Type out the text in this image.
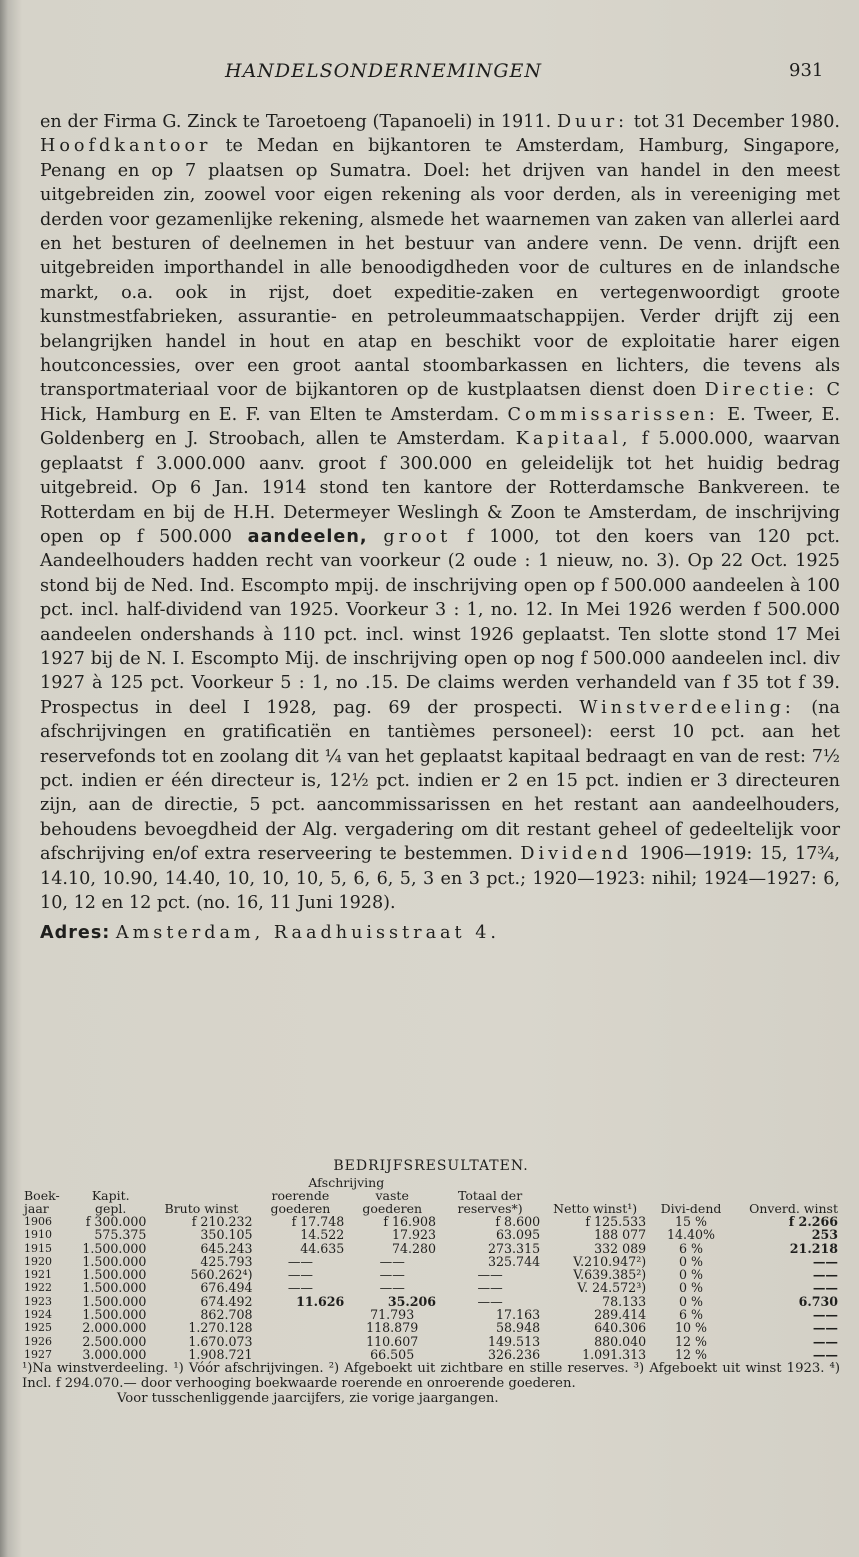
HANDELSONDERNEMINGEN	931

en der Firma G. Zinck te Taroetoeng (Tapanoeli) in 1911. Duur: tot 31 December 1980. Hoofdkantoor te Medan en bijkantoren te Amsterdam, Hamburg, Singapore, Penang en op 7 plaatsen op Sumatra. Doel: het drijven van handel in den meest uitgebreiden zin, zoowel voor eigen rekening als voor derden, als in vereeniging met derden voor gezamenlijke rekening, alsmede het waarnemen van zaken van allerlei aard en het besturen of deelnemen in het bestuur van andere venn. De venn. drijft een uitgebreiden importhandel in alle benoodigdheden voor de cultures en de inlandsche markt, o.a. ook in rijst, doet expeditie-zaken en vertegenwoordigt groote kunstmestfabrieken, assurantie- en petroleummaatschappijen. Verder drijft zij een belangrijken handel in hout en atap en beschikt voor de exploitatie harer eigen houtconcessies, over een groot aantal stoombarkassen en lichters, die tevens als transportmateriaal voor de bijkantoren op de kustplaatsen dienst doen Directie: C Hick, Hamburg en E. F. van Elten te Amsterdam. Commissarissen: E. Tweer, E. Goldenberg en J. Stroobach, allen te Amsterdam. Kapitaal, f 5.000.000, waarvan geplaatst f 3.000.000 aanv. groot f 300.000 en geleidelijk tot het huidig bedrag uitgebreid. Op 6 Jan. 1914 stond ten kantore der Rotterdamsche Bankvereen. te Rotterdam en bij de H.H. Determeyer Weslingh & Zoon te Amsterdam, de inschrijving open op f 500.000 aandeelen, groot f 1000, tot den koers van 120 pct. Aandeelhouders hadden recht van voorkeur (2 oude : 1 nieuw, no. 3). Op 22 Oct. 1925 stond bij de Ned. Ind. Escompto mpij. de inschrijving open op f 500.000 aandeelen à 100 pct. incl. half-dividend van 1925. Voorkeur 3 : 1, no. 12. In Mei 1926 werden f 500.000 aandeelen ondershands à 110 pct. incl. winst 1926 geplaatst. Ten slotte stond 17 Mei 1927 bij de N. I. Escompto Mij. de inschrijving open op nog f 500.000 aandeelen incl. div 1927 à 125 pct. Voorkeur 5 : 1, no .15. De claims werden verhandeld van f 35 tot f 39. Prospectus in deel I 1928, pag. 69 der prospecti. Winstverdeeling: (na afschrijvingen en gratificatiën en tantièmes personeel): eerst 10 pct. aan het reservefonds tot en zoolang dit ¼ van het geplaatst kapitaal bedraagt en van de rest: 7½ pct. indien er één directeur is, 12½ pct. indien er 2 en 15 pct. indien er 3 directeuren zijn, aan de directie, 5 pct. aancommissarissen en het restant aan aandeelhouders, behoudens bevoegdheid der Alg. vergadering om dit restant geheel of gedeeltelijk voor afschrijving en/of extra reserveering te bestemmen. Dividend 1906—1919: 15, 17¾, 14.10, 10.90, 14.40, 10, 10, 10, 5, 6, 6, 5, 3 en 3 pct.; 1920—1923: nihil; 1924—1927: 6, 10, 12 en 12 pct. (no. 16, 11 Juni 1928).

Adres: Amsterdam, Raadhuisstraat 4.

BEDRIJFSRESULTATEN.

			Afschrijving					
Boek-jaar	Kapit. gepl.	Bruto winst	roerende goederen	vaste goederen	Totaal der reserves*)	Netto winst¹)	Divi-dend	Onverd. winst
1906	f 300.000	f 210.232	f 17.748	f 16.908	f 8.600	f 125.533	15 %	f 2.266
1910	575.375	350.105	14.522	17.923	63.095	188 077	14.40%	253
1915	1.500.000	645.243	44.635	74.280	273.315	332 089	6 %	21.218
1920	1.500.000	425.793	——	——	325.744	V.210.947²)	0 %	——
1921	1.500.000	560.262⁴)	——	——	——	V.639.385²)	0 %	——
1922	1.500.000	676.494	——	——	——	V. 24.572³)	0 %	——
1923	1.500.000	674.492	11.626	35.206	——	78.133	0 %	6.730
1924	1.500.000	862.708		71.793	17.163	289.414	6 %	——
1925	2.000.000	1.270.128		118.879	58.948	640.306	10 %	——
1926	2.500.000	1.670.073		110.607	149.513	880.040	12 %	——
1927	3.000.000	1.908.721		66.505	326.236	1.091.313	12 %	——

¹)Na winstverdeeling. ¹) Vóór afschrijvingen. ²) Afgeboekt uit zichtbare en stille reserves. ³) Afgeboekt uit winst 1923. ⁴) Incl. f 294.070.— door verhooging boekwaarde roerende en onroerende goederen.

Voor tusschenliggende jaarcijfers, zie vorige jaargangen.
